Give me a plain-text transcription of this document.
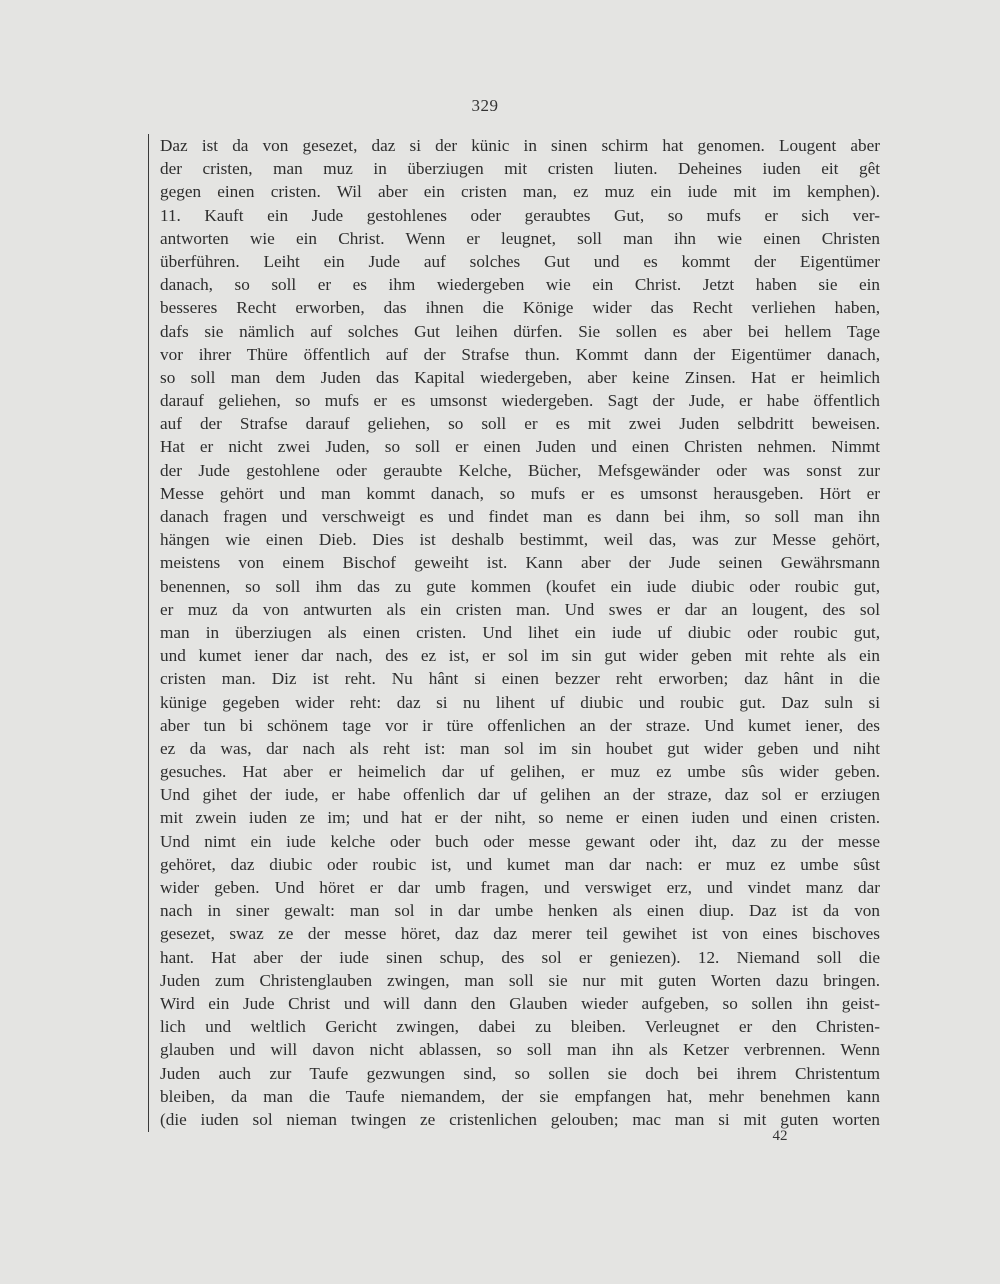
329
Daz ist da von gesezet, daz si der künic in sinen schirm hat genomen. Lougent aber
der cristen, man muz in überziugen mit cristen liuten. Deheines iuden eit gêt
gegen einen cristen. Wil aber ein cristen man, ez muz ein iude mit im kemphen).
11. Kauft ein Jude gestohlenes oder geraubtes Gut, so mufs er sich ver-
antworten wie ein Christ. Wenn er leugnet, soll man ihn wie einen Christen
überführen. Leiht ein Jude auf solches Gut und es kommt der Eigentümer
danach, so soll er es ihm wiedergeben wie ein Christ. Jetzt haben sie ein
besseres Recht erworben, das ihnen die Könige wider das Recht verliehen haben,
dafs sie nämlich auf solches Gut leihen dürfen. Sie sollen es aber bei hellem Tage
vor ihrer Thüre öffentlich auf der Strafse thun. Kommt dann der Eigentümer danach,
so soll man dem Juden das Kapital wiedergeben, aber keine Zinsen. Hat er heimlich
darauf geliehen, so mufs er es umsonst wiedergeben. Sagt der Jude, er habe öffentlich
auf der Strafse darauf geliehen, so soll er es mit zwei Juden selbdritt beweisen.
Hat er nicht zwei Juden, so soll er einen Juden und einen Christen nehmen. Nimmt
der Jude gestohlene oder geraubte Kelche, Bücher, Mefsgewänder oder was sonst zur
Messe gehört und man kommt danach, so mufs er es umsonst herausgeben. Hört er
danach fragen und verschweigt es und findet man es dann bei ihm, so soll man ihn
hängen wie einen Dieb. Dies ist deshalb bestimmt, weil das, was zur Messe gehört,
meistens von einem Bischof geweiht ist. Kann aber der Jude seinen Gewährsmann
benennen, so soll ihm das zu gute kommen (koufet ein iude diubic oder roubic gut,
er muz da von antwurten als ein cristen man. Und swes er dar an lougent, des sol
man in überziugen als einen cristen. Und lihet ein iude uf diubic oder roubic gut,
und kumet iener dar nach, des ez ist, er sol im sin gut wider geben mit rehte als ein
cristen man. Diz ist reht. Nu hânt si einen bezzer reht erworben; daz hânt in die
künige gegeben wider reht: daz si nu lihent uf diubic und roubic gut. Daz suln si
aber tun bi schönem tage vor ir türe offenlichen an der straze. Und kumet iener, des
ez da was, dar nach als reht ist: man sol im sin houbet gut wider geben und niht
gesuches. Hat aber er heimelich dar uf gelihen, er muz ez umbe sûs wider geben.
Und gihet der iude, er habe offenlich dar uf gelihen an der straze, daz sol er erziugen
mit zwein iuden ze im; und hat er der niht, so neme er einen iuden und einen cristen.
Und nimt ein iude kelche oder buch oder messe gewant oder iht, daz zu der messe
gehöret, daz diubic oder roubic ist, und kumet man dar nach: er muz ez umbe sûst
wider geben. Und höret er dar umb fragen, und verswiget erz, und vindet manz dar
nach in siner gewalt: man sol in dar umbe henken als einen diup. Daz ist da von
gesezet, swaz ze der messe höret, daz daz merer teil gewihet ist von eines bischoves
hant. Hat aber der iude sinen schup, des sol er geniezen). 12. Niemand soll die
Juden zum Christenglauben zwingen, man soll sie nur mit guten Worten dazu bringen.
Wird ein Jude Christ und will dann den Glauben wieder aufgeben, so sollen ihn geist-
lich und weltlich Gericht zwingen, dabei zu bleiben. Verleugnet er den Christen-
glauben und will davon nicht ablassen, so soll man ihn als Ketzer verbrennen. Wenn
Juden auch zur Taufe gezwungen sind, so sollen sie doch bei ihrem Christentum
bleiben, da man die Taufe niemandem, der sie empfangen hat, mehr benehmen kann
(die iuden sol nieman twingen ze cristenlichen gelouben; mac man si mit guten worten
42
